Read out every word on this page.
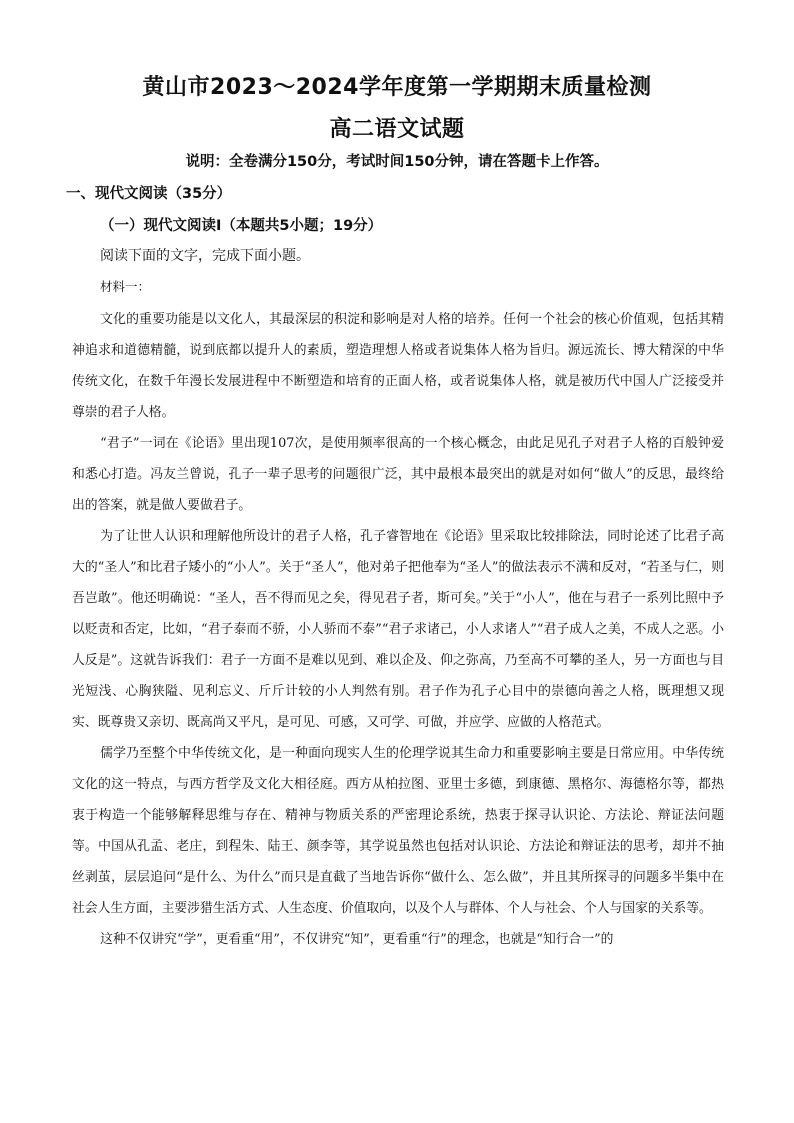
黄山市2023～2024学年度第一学期期末质量检测
高二语文试题
说明：全卷满分150分，考试时间150分钟，请在答题卡上作答。
一、现代文阅读（35分）
（一）现代文阅读Ⅰ（本题共5小题；19分）
阅读下面的文字，完成下面小题。
材料一：

文化的重要功能是以文化人，其最深层的积淀和影响是对人格的培养。任何一个社会的核心价值观，包括其精神追求和道德精髓，说到底都以提升人的素质，塑造理想人格或者说集体人格为旨归。源远流长、博大精深的中华传统文化，在数千年漫长发展进程中不断塑造和培育的正面人格，或者说集体人格，就是被历代中国人广泛接受并尊崇的君子人格。

“君子”一词在《论语》里出现107次，是使用频率很高的一个核心概念，由此足见孔子对君子人格的百般钟爱和悉心打造。冯友兰曾说，孔子一辈子思考的问题很广泛，其中最根本最突出的就是对如何“做人”的反思，最终给出的答案，就是做人要做君子。

为了让世人认识和理解他所设计的君子人格，孔子睿智地在《论语》里采取比较排除法，同时论述了比君子高大的“圣人”和比君子矮小的“小人”。关于“圣人”，他对弟子把他奉为“圣人”的做法表示不满和反对，“若圣与仁，则吾岂敢”。他还明确说：“圣人，吾不得而见之矣，得见君子者，斯可矣。”关于“小人”，他在与君子一系列比照中予以贬责和否定，比如，“君子泰而不骄，小人骄而不泰”“君子求诸己，小人求诸人”“君子成人之美，不成人之恶。小人反是”。这就告诉我们：君子一方面不是难以见到、难以企及、仰之弥高，乃至高不可攀的圣人，另一方面也与目光短浅、心胸狭隘、见利忘义、斤斤计较的小人判然有别。君子作为孔子心目中的崇德向善之人格，既理想又现实、既尊贵又亲切、既高尚又平凡，是可见、可感，又可学、可做，并应学、应做的人格范式。

儒学乃至整个中华传统文化，是一种面向现实人生的伦理学说其生命力和重要影响主要是日常应用。中华传统文化的这一特点，与西方哲学及文化大相径庭。西方从柏拉图、亚里士多德，到康德、黑格尔、海德格尔等，都热衷于构造一个能够解释思维与存在、精神与物质关系的严密理论系统，热衷于探寻认识论、方法论、辩证法问题等。中国从孔孟、老庄，到程朱、陆王、颜李等，其学说虽然也包括对认识论、方法论和辩证法的思考，却并不抽丝剥茧，层层追问“是什么、为什么”而只是直截了当地告诉你“做什么、怎么做”，并且其所探寻的问题多半集中在社会人生方面，主要涉猎生活方式、人生态度、价值取向，以及个人与群体、个人与社会、个人与国家的关系等。

这种不仅讲究“学”，更看重“用”，不仅讲究“知”，更看重“行”的理念，也就是“知行合一”的
